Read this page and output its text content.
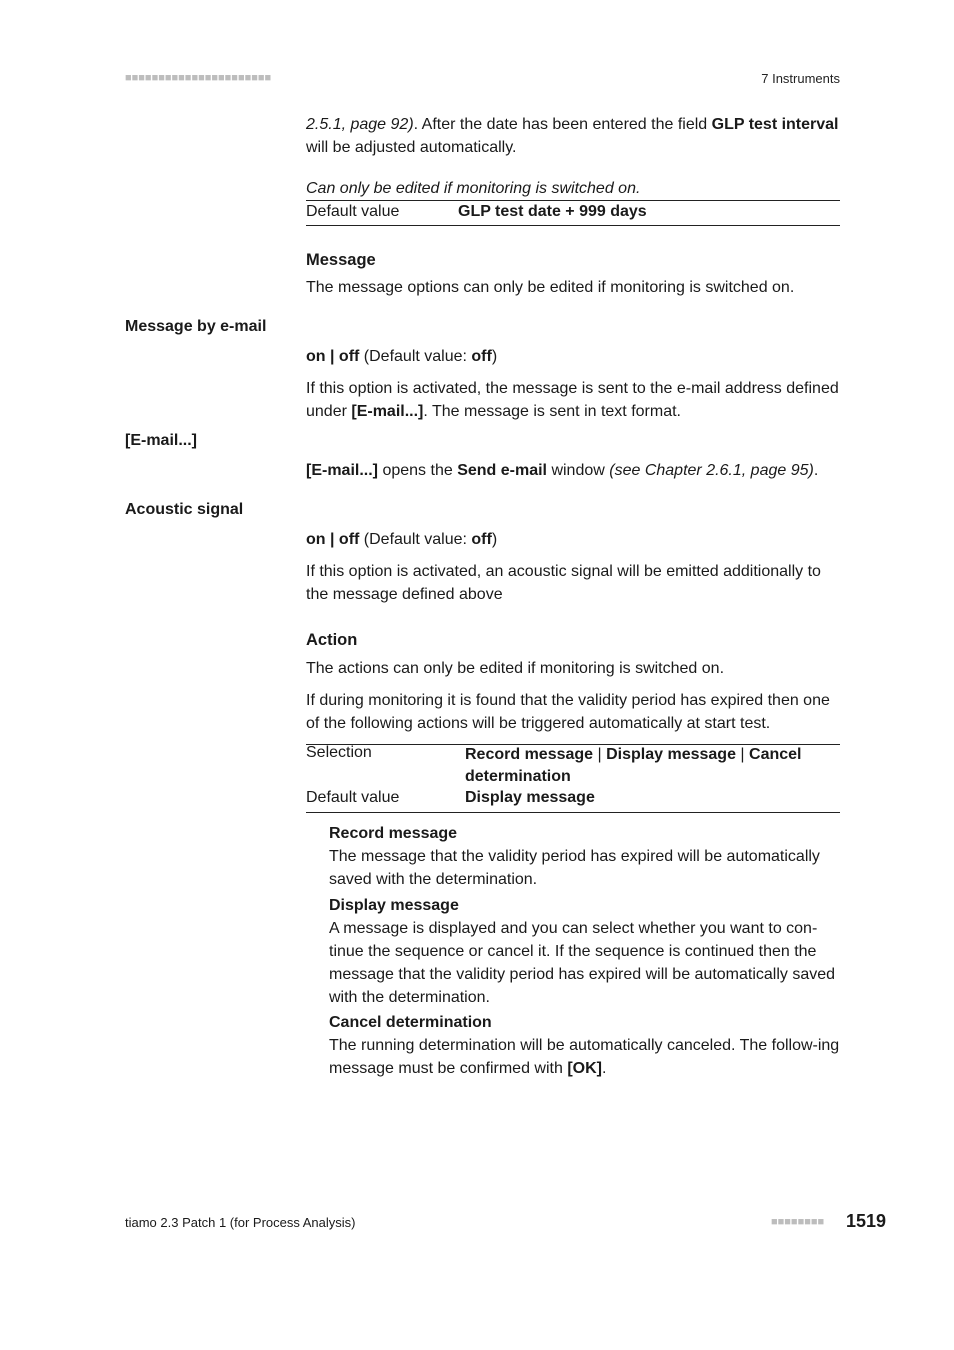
■■■■■■■■■■■■■■■■■■■■■■	7 Instruments

2.5.1, page 92). After the date has been entered the field GLP test interval will be adjusted automatically.

Can only be edited if monitoring is switched on.
Default value	GLP test date + 999 days
Message
The message options can only be edited if monitoring is switched on.
Message by e-mail
on | off (Default value: off)
If this option is activated, the message is sent to the e-mail address defined under [E-mail...]. The message is sent in text format.
[E-mail...]
[E-mail...] opens the Send e-mail window (see Chapter 2.6.1, page 95).
Acoustic signal
on | off (Default value: off)
If this option is activated, an acoustic signal will be emitted additionally to the message defined above
Action
The actions can only be edited if monitoring is switched on.
If during monitoring it is found that the validity period has expired then one of the following actions will be triggered automatically at start test.
Selection	Record message | Display message | Cancel determination
Default value	Display message

Record message

The message that the validity period has expired will be automatically saved with the determination.

Display message

A message is displayed and you can select whether you want to con-tinue the sequence or cancel it. If the sequence is continued then the message that the validity period has expired will be automatically saved with the determination.

Cancel determination

The running determination will be automatically canceled. The follow-ing message must be confirmed with [OK].

tiamo 2.3 Patch 1 (for Process Analysis)	■■■■■■■■ 1519
